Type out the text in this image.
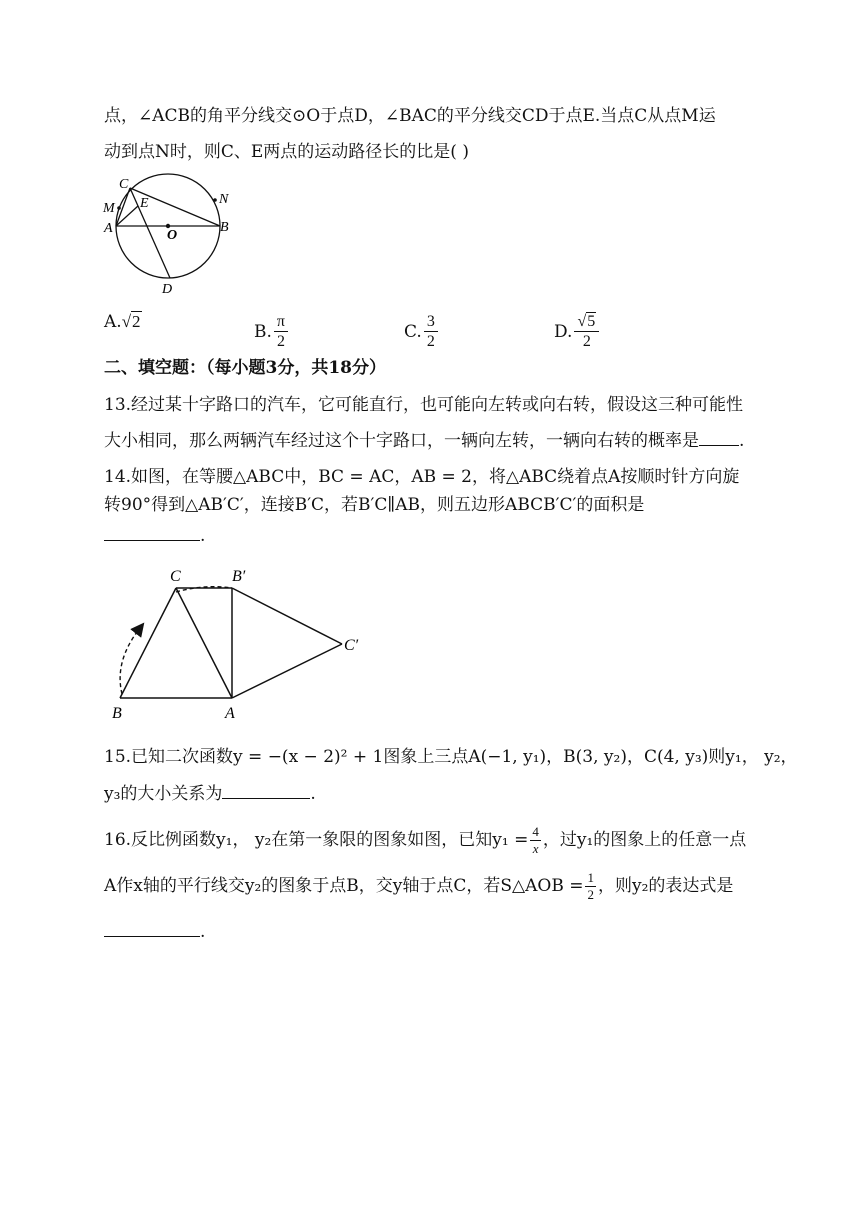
点，∠ACB的角平分线交⊙O于点D，∠BAC的平分线交CD于点E.当点C从点M运
动到点N时，则C、E两点的运动路径长的比是( )
C
M E	N
A	O
B
D
A. √2	B. $\frac{\pi}{2}$	C. $\frac{3}{2}$	D. $\frac{√5}{2}$
二、填空题：（每小题3分，共18分）
13.经过某十字路口的汽车，它可能直行，也可能向左转或向右转，假设这三种可能性
大小相同，那么两辆汽车经过这个十字路口，一辆向左转，一辆向右转的概率是 .
14.如图，在等腰△ABC中，BC = AC，AB = 2，将△ABC绕着点A按顺时针方向旋
转90°得到△AB′C′，连接B′C，若B′C∥AB，则五边形ABCB′C′的面积是
.
C	B′
C′
B	A
15.已知二次函数y = −(x − 2)² + 1图象上三点A(−1, y₁)，B(3, y₂)，C(4, y₃)则y₁， y₂，
y₃的大小关系为	.
16.反比例函数y₁， y₂在第一象限的图象如图，已知$y_1 = \frac{4}{x}$ ，过y₁的图象上的任意一点
A作x轴的平行线交y₂的图象于点B，交y轴于点C，若S△AOB = $\frac{1}{2}$ ，则y₂的表达式是
.
